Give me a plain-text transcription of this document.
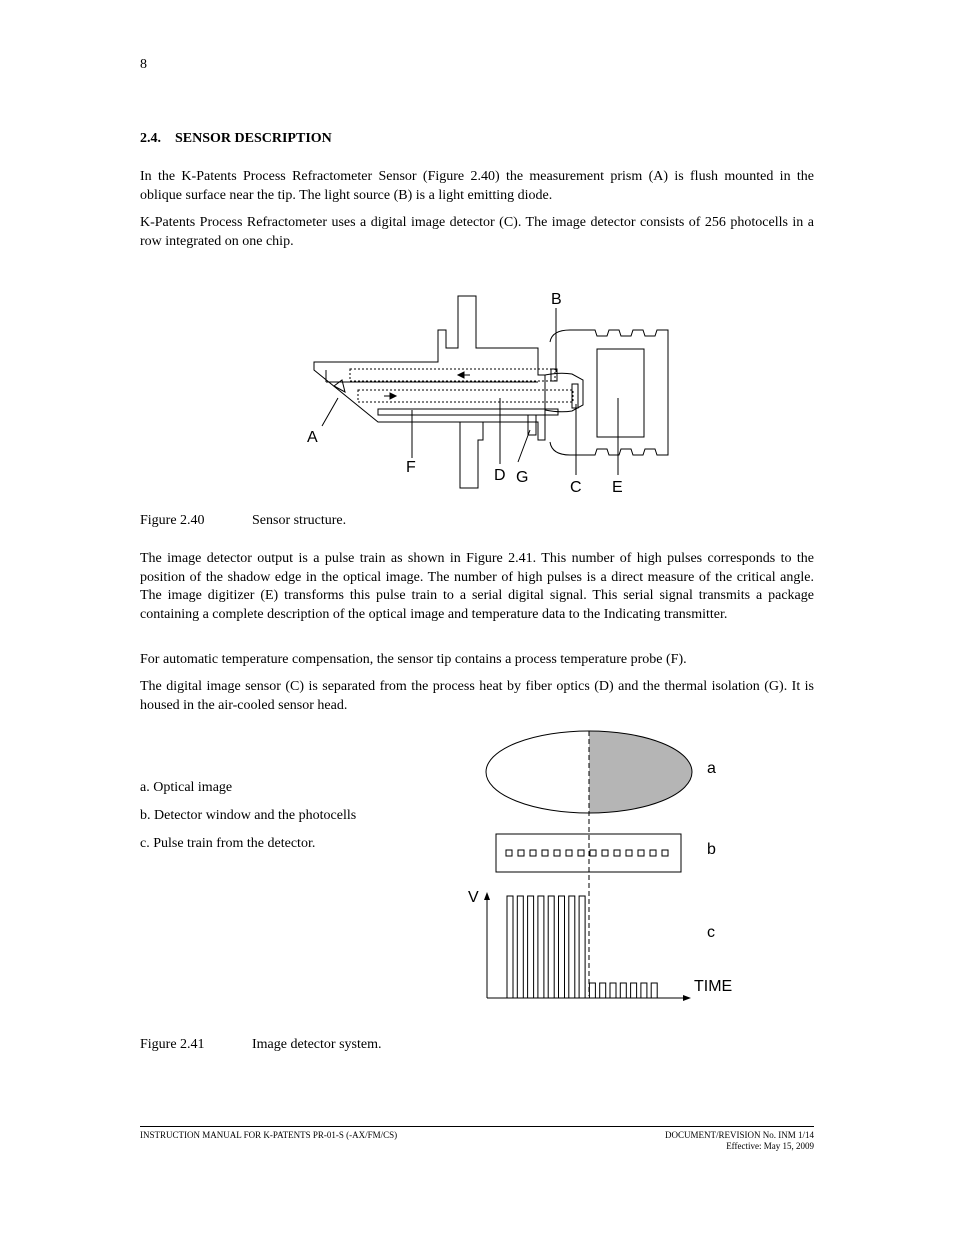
8
2.4. SENSOR DESCRIPTION
In the K-Patents Process Refractometer Sensor (Figure 2.40) the measurement prism (A) is flush mounted in the oblique surface near the tip. The light source (B) is a light emitting diode.
K-Patents Process Refractometer uses a digital image detector (C). The image detector consists of 256 photocells in a row integrated on one chip.
B
A
F	D G
C E
Figure 2.40	Sensor structure.
The image detector output is a pulse train as shown in Figure 2.41. This number of high pulses corresponds to the position of the shadow edge in the optical image. The number of high pulses is a direct measure of the critical angle. The image digitizer (E) transforms this pulse train to a serial digital signal. This serial signal transmits a package containing a complete description of the optical image and temperature data to the Indicating transmitter.
For automatic temperature compensation, the sensor tip contains a process temperature probe (F).
The digital image sensor (C) is separated from the process heat by fiber optics (D) and the thermal isolation (G). It is housed in the air-cooled sensor head.
a. Optical image
b. Detector window and the photocells
c. Pulse train from the detector.
a
b
c
V
TIME
Figure 2.41	Image detector system.
INSTRUCTION MANUAL FOR K-PATENTS PR-01-S (-AX/FM/CS)	DOCUMENT/REVISION No. INM 1/14
Effective: May 15, 2009
